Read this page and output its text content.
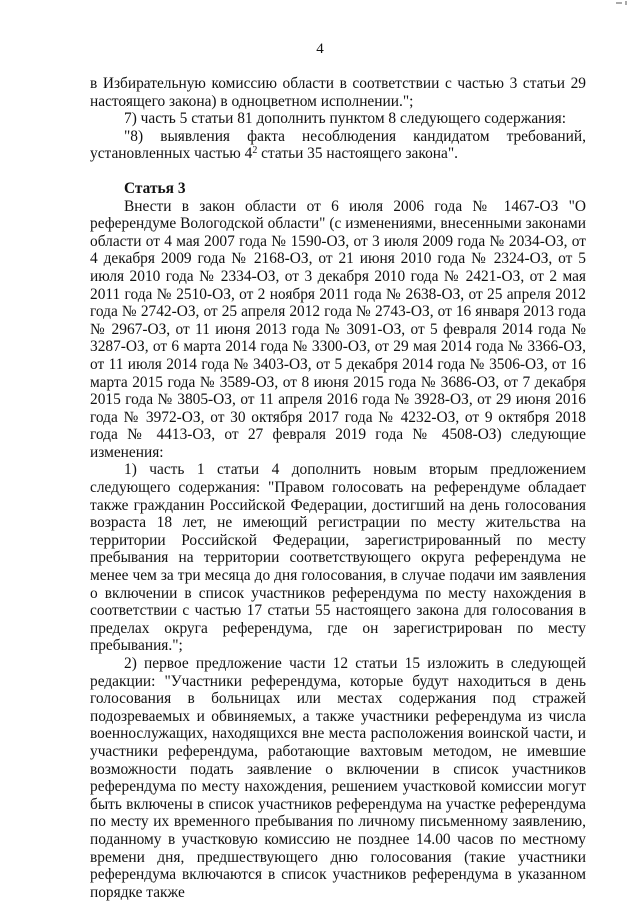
4

в Избирательную комиссию области в соответствии с частью 3 статьи 29 настоящего закона) в одноцветном исполнении.";

7) часть 5 статьи 81 дополнить пунктом 8 следующего содержания:

"8) выявления факта несоблюдения кандидатом требований, установленных частью $4^2$ статьи 35 настоящего закона".

Статья 3

Внести в закон области от 6 июля 2006 года № 1467-ОЗ "О референдуме Вологодской области" (с изменениями, внесенными законами области от 4 мая 2007 года № 1590-ОЗ, от 3 июля 2009 года № 2034-ОЗ, от 4 декабря 2009 года № 2168-ОЗ, от 21 июня 2010 года № 2324-ОЗ, от 5 июля 2010 года № 2334-ОЗ, от 3 декабря 2010 года № 2421-ОЗ, от 2 мая 2011 года № 2510-ОЗ, от 2 ноября 2011 года № 2638-ОЗ, от 25 апреля 2012 года № 2742-ОЗ, от 25 апреля 2012 года № 2743-ОЗ, от 16 января 2013 года № 2967-ОЗ, от 11 июня 2013 года № 3091-ОЗ, от 5 февраля 2014 года № 3287-ОЗ, от 6 марта 2014 года № 3300-ОЗ, от 29 мая 2014 года № 3366-ОЗ, от 11 июля 2014 года № 3403-ОЗ, от 5 декабря 2014 года № 3506-ОЗ, от 16 марта 2015 года № 3589-ОЗ, от 8 июня 2015 года № 3686-ОЗ, от 7 декабря 2015 года № 3805-ОЗ, от 11 апреля 2016 года № 3928-ОЗ, от 29 июня 2016 года № 3972-ОЗ, от 30 октября 2017 года № 4232-ОЗ, от 9 октября 2018 года № 4413-ОЗ, от 27 февраля 2019 года № 4508-ОЗ) следующие изменения:

1) часть 1 статьи 4 дополнить новым вторым предложением следующего содержания: "Правом голосовать на референдуме обладает также гражданин Российской Федерации, достигший на день голосования возраста 18 лет, не имеющий регистрации по месту жительства на территории Российской Федерации, зарегистрированный по месту пребывания на территории соответствующего округа референдума не менее чем за три месяца до дня голосования, в случае подачи им заявления о включении в список участников референдума по месту нахождения в соответствии с частью 17 статьи 55 настоящего закона для голосования в пределах округа референдума, где он зарегистрирован по месту пребывания.";

2) первое предложение части 12 статьи 15 изложить в следующей редакции: "Участники референдума, которые будут находиться в день голосования в больницах или местах содержания под стражей подозреваемых и обвиняемых, а также участники референдума из числа военнослужащих, находящихся вне места расположения воинской части, и участники референдума, работающие вахтовым методом, не имевшие возможности подать заявление о включении в список участников референдума по месту нахождения, решением участковой комиссии могут быть включены в список участников референдума на участке референдума по месту их временного пребывания по личному письменному заявлению, поданному в участковую комиссию не позднее 14.00 часов по местному времени дня, предшествующего дню голосования (такие участники референдума включаются в список участников референдума в указанном порядке также
